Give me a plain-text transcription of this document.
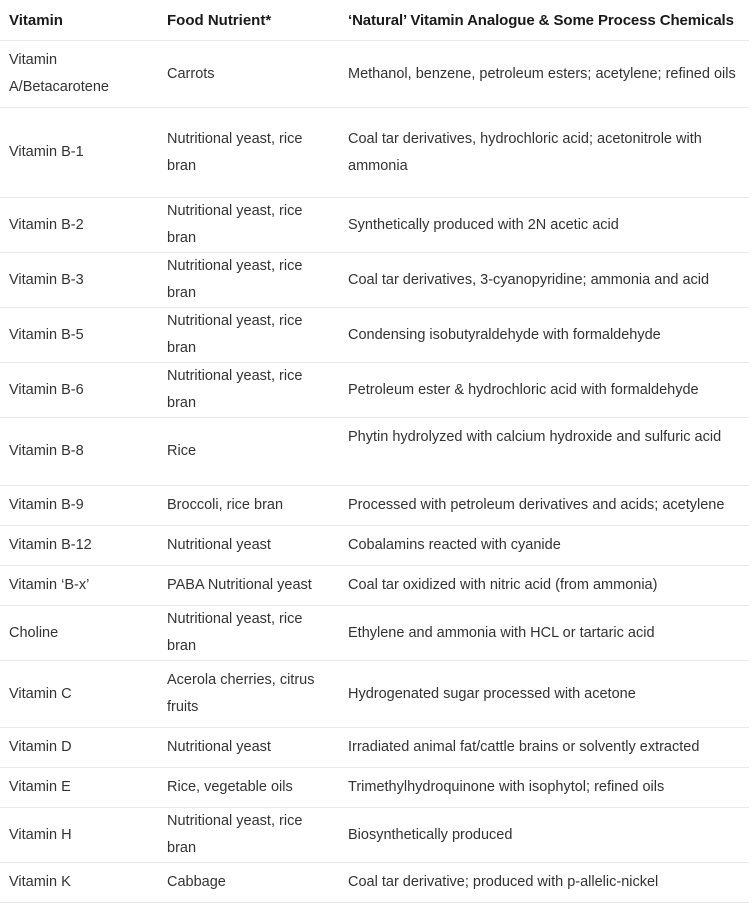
Vitamin	Food Nutrient*	‘Natural’ Vitamin Analogue & Some Process Chemicals
Vitamin A/Betacarotene	Carrots	Methanol, benzene, petroleum esters; acetylene; refined oils
Vitamin B-1	Nutritional yeast, rice bran	Coal tar derivatives, hydrochloric acid; acetonitrole with ammonia
Vitamin B-2	Nutritional yeast, rice bran	Synthetically produced with 2N acetic acid
Vitamin B-3	Nutritional yeast, rice bran	Coal tar derivatives, 3-cyanopyridine; ammonia and acid
Vitamin B-5	Nutritional yeast, rice bran	Condensing isobutyraldehyde with formaldehyde
Vitamin B-6	Nutritional yeast, rice bran	Petroleum ester & hydrochloric acid with formaldehyde
Vitamin B-8	Rice	Phytin hydrolyzed with calcium hydroxide and sulfuric acid
Vitamin B-9	Broccoli, rice bran	Processed with petroleum derivatives and acids; acetylene
Vitamin B-12	Nutritional yeast	Cobalamins reacted with cyanide
Vitamin ‘B-x’	PABA Nutritional yeast	Coal tar oxidized with nitric acid (from ammonia)
Choline	Nutritional yeast, rice bran	Ethylene and ammonia with HCL or tartaric acid
Vitamin C	Acerola cherries, citrus fruits	Hydrogenated sugar processed with acetone
Vitamin D	Nutritional yeast	Irradiated animal fat/cattle brains or solvently extracted
Vitamin E	Rice, vegetable oils	Trimethylhydroquinone with isophytol; refined oils
Vitamin H	Nutritional yeast, rice bran	Biosynthetically produced
Vitamin K	Cabbage	Coal tar derivative; produced with p-allelic-nickel
